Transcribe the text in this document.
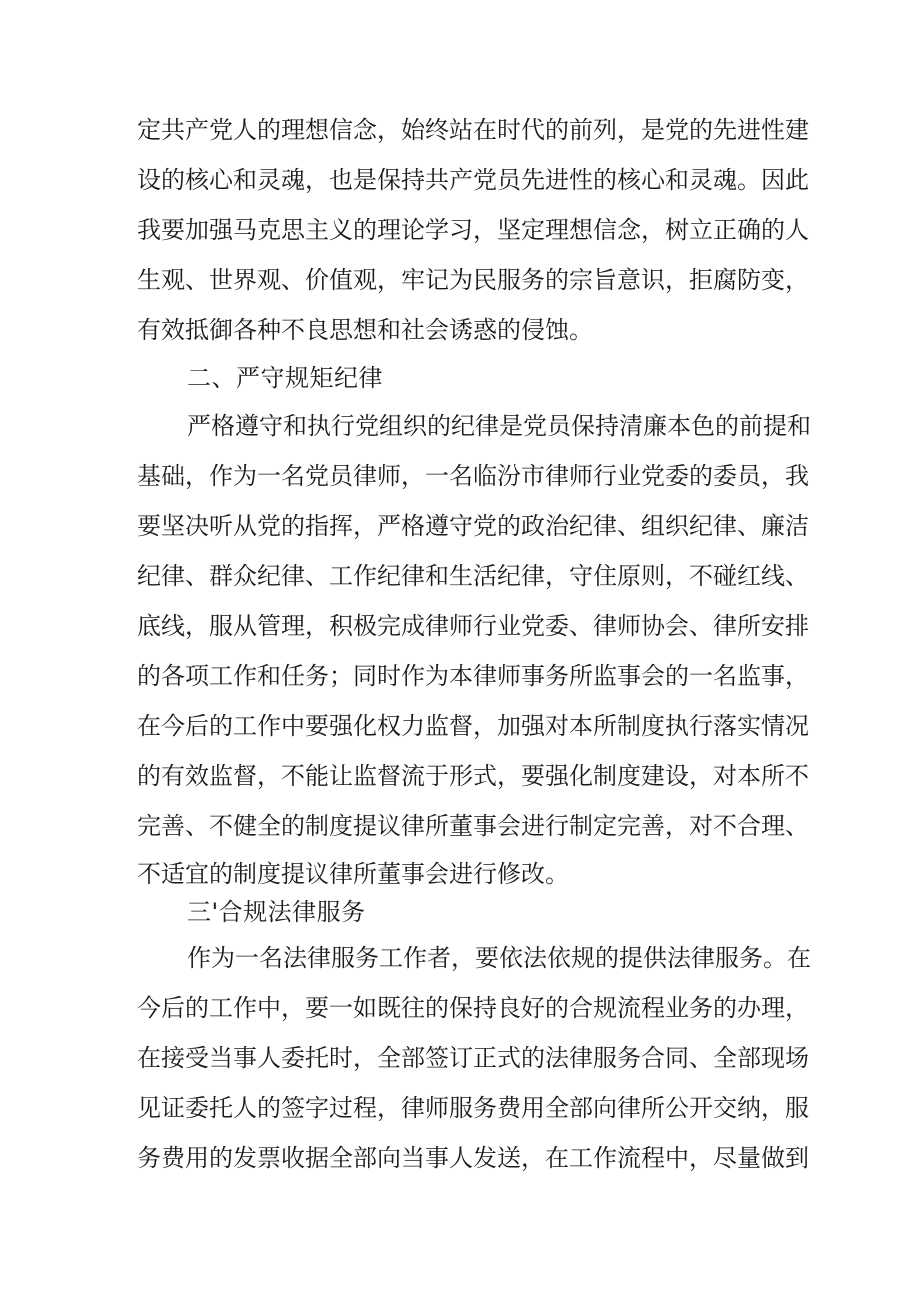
定共产党人的理想信念，始终站在时代的前列，是党的先进性建
设的核心和灵魂，也是保持共产党员先进性的核心和灵魂。因此
我要加强马克思主义的理论学习，坚定理想信念，树立正确的人
生观、世界观、价值观，牢记为民服务的宗旨意识，拒腐防变，
有效抵御各种不良思想和社会诱惑的侵蚀。
二、严守规矩纪律
严格遵守和执行党组织的纪律是党员保持清廉本色的前提和
基础，作为一名党员律师，一名临汾市律师行业党委的委员，我
要坚决听从党的指挥，严格遵守党的政治纪律、组织纪律、廉洁
纪律、群众纪律、工作纪律和生活纪律，守住原则，不碰红线、
底线，服从管理，积极完成律师行业党委、律师协会、律所安排
的各项工作和任务；同时作为本律师事务所监事会的一名监事，
在今后的工作中要强化权力监督，加强对本所制度执行落实情况
的有效监督，不能让监督流于形式，要强化制度建设，对本所不
完善、不健全的制度提议律所董事会进行制定完善，对不合理、
不适宜的制度提议律所董事会进行修改。
三'合规法律服务
作为一名法律服务工作者，要依法依规的提供法律服务。在
今后的工作中，要一如既往的保持良好的合规流程业务的办理，
在接受当事人委托时，全部签订正式的法律服务合同、全部现场
见证委托人的签字过程，律师服务费用全部向律所公开交纳，服
务费用的发票收据全部向当事人发送，在工作流程中，尽量做到
